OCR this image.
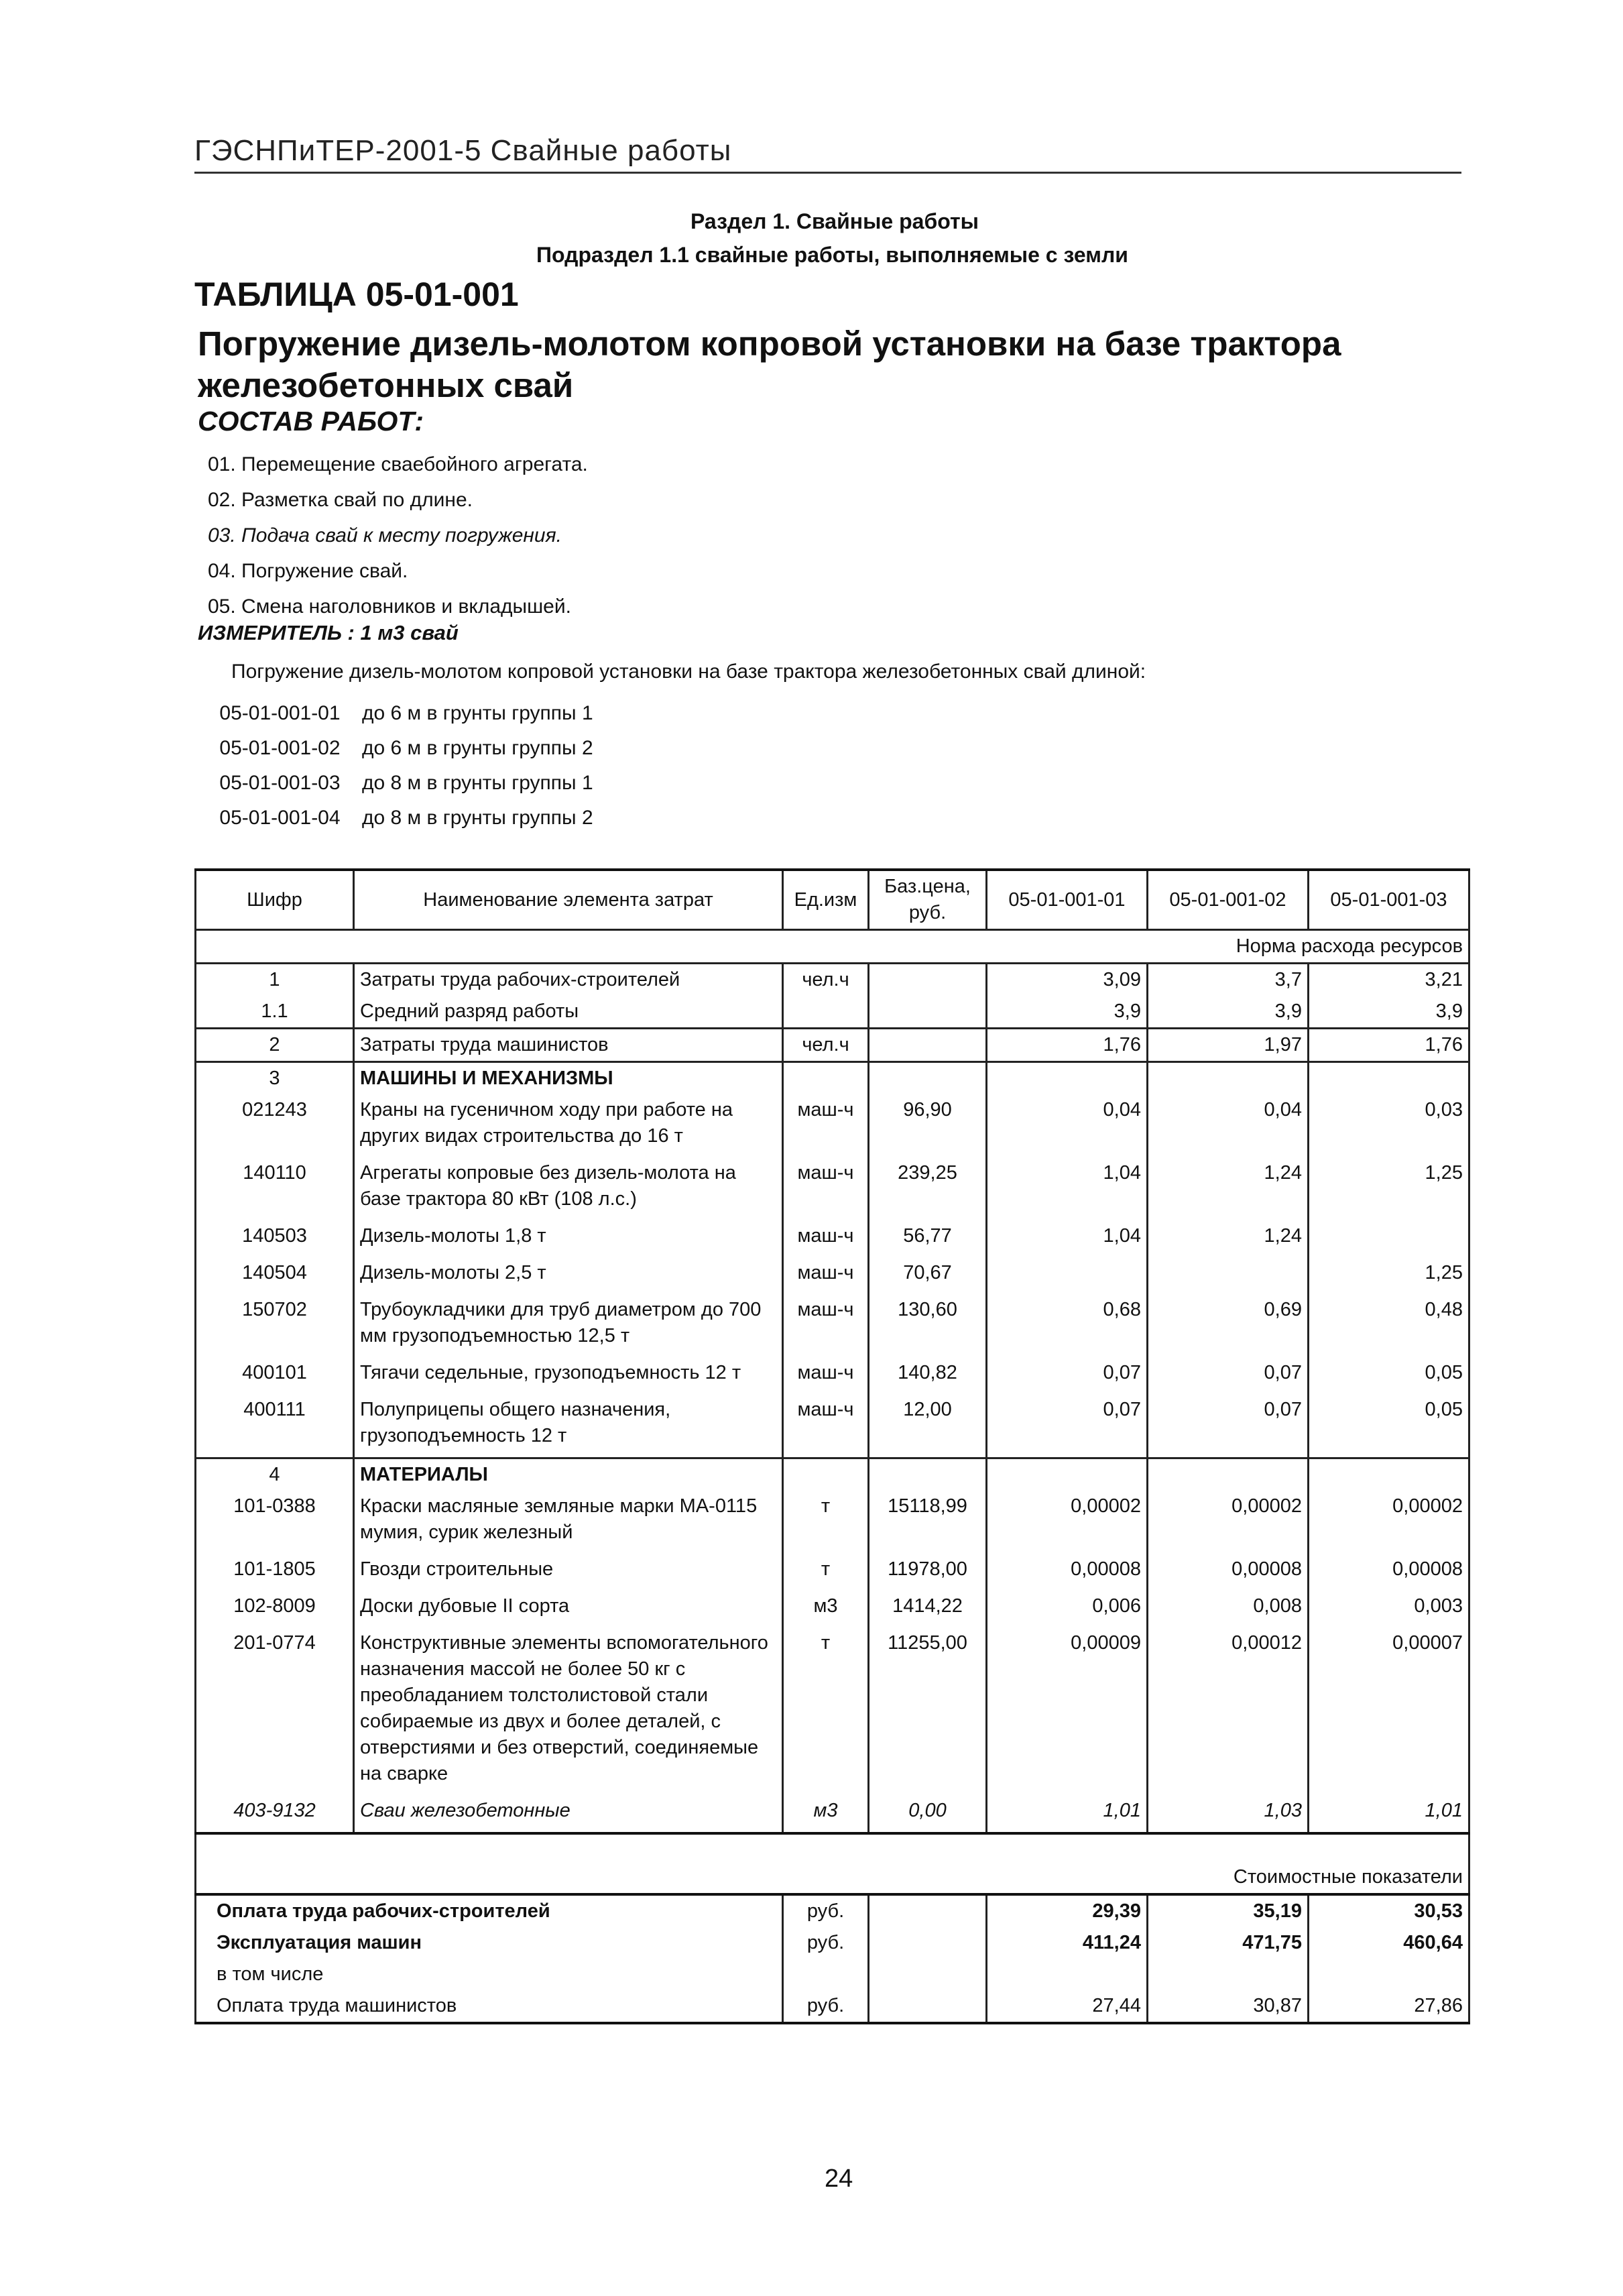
ГЭСНПиТЕР-2001-5 Свайные работы
Раздел 1. Свайные работы
Подраздел 1.1 свайные работы, выполняемые с земли
ТАБЛИЦА 05-01-001
Погружение дизель-молотом копровой установки на базе трактора железобетонных свай
СОСТАВ РАБОТ:
01. Перемещение сваебойного агрегата.
02. Разметка свай по длине.
03. Подача свай к месту погружения.
04. Погружение свай.
05. Смена наголовников и вкладышей.
ИЗМЕРИТЕЛЬ : 1 м3 свай
Погружение дизель-молотом копровой установки на базе трактора железобетонных свай длиной:
05-01-001-01 до 6 м в грунты группы 1
05-01-001-02 до 6 м в грунты группы 2
05-01-001-03 до 8 м в грунты группы 1
05-01-001-04 до 8 м в грунты группы 2
Шифр	Наименование элемента затрат	Ед.изм	Баз.цена, руб.	05-01-001-01	05-01-001-02	05-01-001-03
Норма расхода ресурсов						
1	Затраты труда рабочих-строителей	чел.ч		3,09	3,7	3,21
1.1	Средний разряд работы			3,9	3,9	3,9
2	Затраты труда машинистов	чел.ч		1,76	1,97	1,76
3	МАШИНЫ И МЕХАНИЗМЫ					
021243	Краны на гусеничном ходу при работе на других видах строительства до 16 т	маш-ч	96,90	0,04	0,04	0,03
140110	Агрегаты копровые без дизель-молота на базе трактора 80 кВт (108 л.с.)	маш-ч	239,25	1,04	1,24	1,25
140503	Дизель-молоты 1,8 т	маш-ч	56,77	1,04	1,24	
140504	Дизель-молоты 2,5 т	маш-ч	70,67			1,25
150702	Трубоукладчики для труб диаметром до 700 мм грузоподъемностью 12,5 т	маш-ч	130,60	0,68	0,69	0,48
400101	Тягачи седельные, грузоподъемность 12 т	маш-ч	140,82	0,07	0,07	0,05
400111	Полуприцепы общего назначения, грузоподъемность 12 т	маш-ч	12,00	0,07	0,07	0,05
4	МАТЕРИАЛЫ					
101-0388	Краски масляные земляные марки МА-0115 мумия, сурик железный	т	15118,99	0,00002	0,00002	0,00002
101-1805	Гвозди строительные	т	11978,00	0,00008	0,00008	0,00008
102-8009	Доски дубовые II сорта	м3	1414,22	0,006	0,008	0,003
201-0774	Конструктивные элементы вспомогательного назначения массой не более 50 кг с преобладанием толстолистовой стали собираемые из двух и более деталей, с отверстиями и без отверстий, соединяемые на сварке	т	11255,00	0,00009	0,00012	0,00007
403-9132	Сваи железобетонные	м3	0,00	1,01	1,03	1,01
Стоимостные показатели						
Оплата труда рабочих-строителей		руб.		29,39	35,19	30,53
Эксплуатация машин		руб.		411,24	471,75	460,64
в том числе						
Оплата труда машинистов		руб.		27,44	30,87	27,86
24
